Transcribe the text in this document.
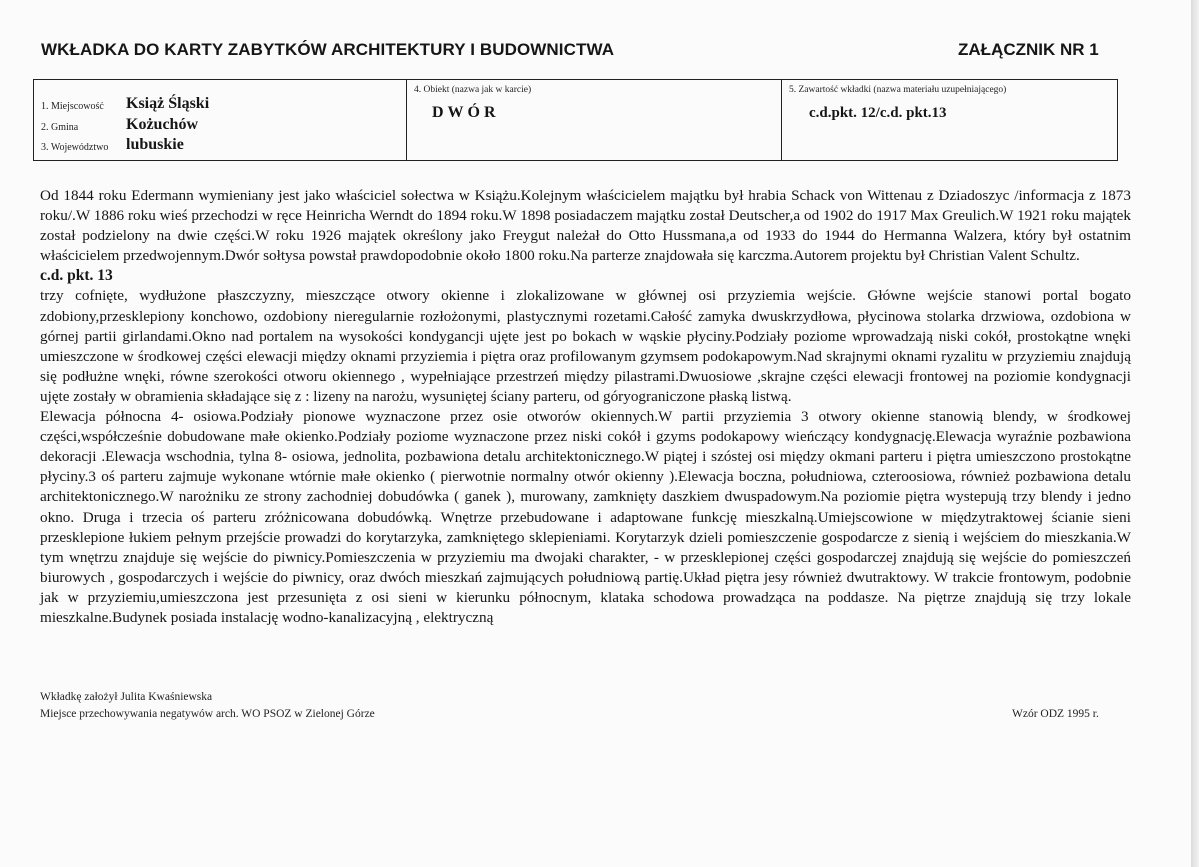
WKŁADKA DO KARTY ZABYTKÓW ARCHITEKTURY I BUDOWNICTWA	ZAŁĄCZNIK NR 1
1. Miejscowość Książ Śląski
2. Gmina	Kożuchów
3. Województwo lubuskie
4. Obiekt (nazwa jak w karcie)
DWÓR
5. Zawartość wkładki (nazwa materiału uzupełniającego)
c.d.pkt. 12/c.d. pkt.13

Od 1844 roku Edermann wymieniany jest jako właściciel sołectwa w Książu.Kolejnym właścicielem majątku był hrabia Schack von Wittenau z Dziadoszyc /informacja z 1873 roku/.W 1886 roku wieś przechodzi w ręce Heinricha Werndt do 1894 roku.W 1898 posiadaczem majątku został Deutscher,a od 1902 do 1917 Max Greulich.W 1921 roku majątek został podzielony na dwie części.W roku 1926 majątek określony jako Freygut należał do Otto Hussmana,a od 1933 do 1944 do Hermanna Walzera, który był ostatnim właścicielem przedwojennym.Dwór sołtysa powstał prawdopodobnie około 1800 roku.Na parterze znajdowała się karczma.Autorem projektu był Christian Valent Schultz.

c.d. pkt. 13

trzy cofnięte, wydłużone płaszczyzny, mieszczące otwory okienne i zlokalizowane w głównej osi przyziemia wejście. Główne wejście stanowi portal bogato zdobiony,przesklepiony konchowo, ozdobiony nieregularnie rozłożonymi, plastycznymi rozetami.Całość zamyka dwuskrzydłowa, płycinowa stolarka drzwiowa, ozdobiona w górnej partii girlandami.Okno nad portalem na wysokości kondygancji ujęte jest po bokach w wąskie płyciny.Podziały poziome wprowadzają niski cokół, prostokątne wnęki umieszczone w środkowej części elewacji między oknami przyziemia i piętra oraz profilowanym gzymsem podokapowym.Nad skrajnymi oknami ryzalitu w przyziemiu znajdują się podłużne wnęki, równe szerokości otworu okiennego , wypełniające przestrzeń między pilastrami.Dwuosiowe ,skrajne części elewacji frontowej na poziomie kondygnacji ujęte zostały w obramienia składające się z : lizeny na narożu, wysuniętej ściany parteru, od góryograniczone płaską listwą.

Elewacja północna 4- osiowa.Podziały pionowe wyznaczone przez osie otworów okiennych.W partii przyziemia 3 otwory okienne stanowią blendy, w środkowej części,współcześnie dobudowane małe okienko.Podziały poziome wyznaczone przez niski cokół i gzyms podokapowy wieńczący kondygnację.Elewacja wyraźnie pozbawiona dekoracji .Elewacja wschodnia, tylna 8- osiowa, jednolita, pozbawiona detalu architektonicznego.W piątej i szóstej osi między okmani parteru i piętra umieszczono prostokątne płyciny.3 oś parteru zajmuje wykonane wtórnie małe okienko ( pierwotnie normalny otwór okienny ).Elewacja boczna, południowa, czteroosiowa, również pozbawiona detalu architektonicznego.W narożniku ze strony zachodniej dobudówka ( ganek ), murowany, zamknięty daszkiem dwuspadowym.Na poziomie piętra wystepują trzy blendy i jedno okno. Druga i trzecia oś parteru zróżnicowana dobudówką. Wnętrze przebudowane i adaptowane funkcję mieszkalną.Umiejscowione w międzytraktowej ścianie sieni przesklepione łukiem pełnym przejście prowadzi do korytarzyka, zamkniętego sklepieniami. Korytarzyk dzieli pomieszczenie gospodarcze z sienią i wejściem do mieszkania.W tym wnętrzu znajduje się wejście do piwnicy.Pomieszczenia w przyziemiu ma dwojaki charakter, - w przesklepionej części gospodarczej znajdują się wejście do pomieszczeń biurowych , gospodarczych i wejście do piwnicy, oraz dwóch mieszkań zajmujących południową partię.Układ piętra jesy również dwutraktowy. W trakcie frontowym, podobnie jak w przyziemiu,umieszczona jest przesunięta z osi sieni w kierunku północnym, klataka schodowa prowadząca na poddasze. Na piętrze znajdują się trzy lokale mieszkalne.Budynek posiada instalację wodno-kanalizacyjną , elektryczną

Wkładkę założył Julita Kwaśniewska
Miejsce przechowywania negatywów arch. WO PSOZ w Zielonej Górze	Wzór ODZ 1995 r.
